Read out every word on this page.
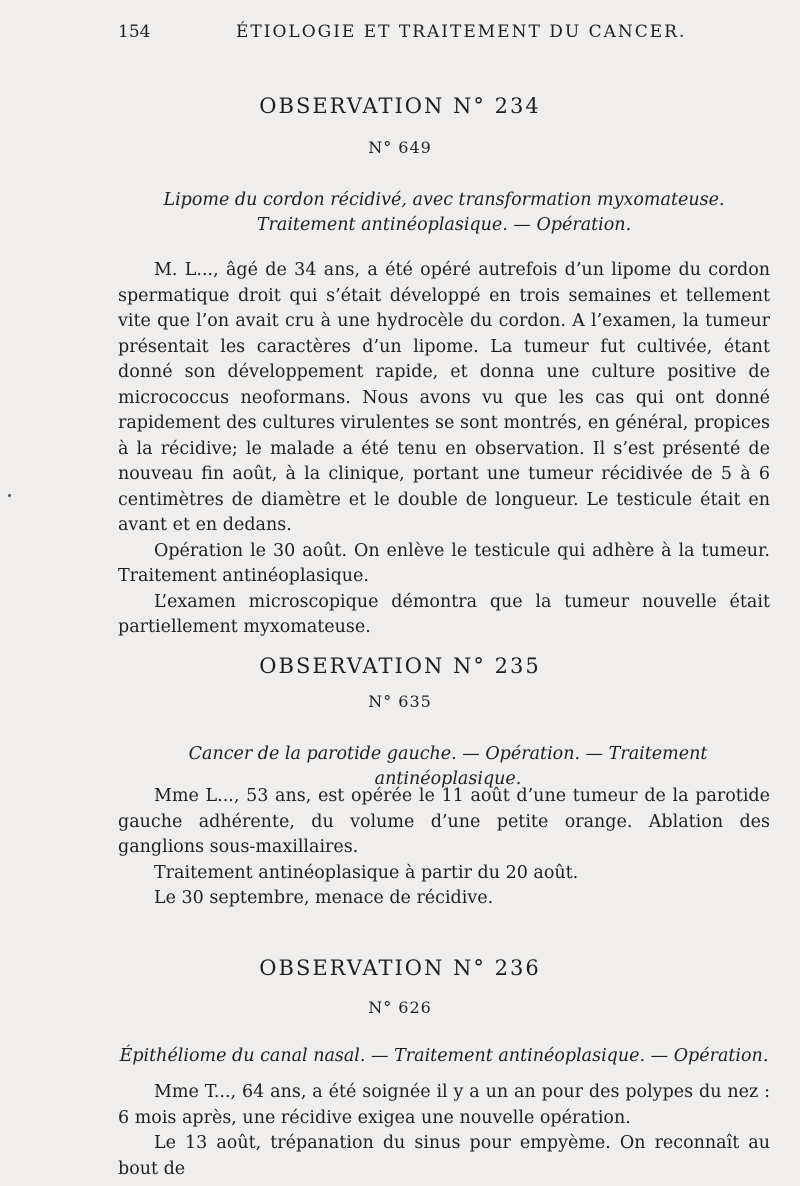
154	ÉTIOLOGIE ET TRAITEMENT DU CANCER.
OBSERVATION N° 234
N° 649
Lipome du cordon récidivé, avec transformation myxomateuse.
Traitement antinéoplasique. — Opération.

M. L..., âgé de 34 ans, a été opéré autrefois d’un lipome du cordon spermatique droit qui s’était développé en trois semaines et tellement vite que l’on avait cru à une hydrocèle du cordon. A l’examen, la tumeur présentait les caractères d’un lipome. La tumeur fut cultivée, étant donné son développement rapide, et donna une culture positive de micrococcus neoformans. Nous avons vu que les cas qui ont donné rapidement des cultures virulentes se sont montrés, en général, propices à la récidive; le malade a été tenu en observation. Il s’est présenté de nouveau fin août, à la clinique, portant une tumeur récidivée de 5 à 6 centimètres de diamètre et le double de longueur. Le testicule était en avant et en dedans.

Opération le 30 août. On enlève le testicule qui adhère à la tumeur. Traitement antinéoplasique.

L’examen microscopique démontra que la tumeur nouvelle était partiellement myxomateuse.

OBSERVATION N° 235
N° 635
Cancer de la parotide gauche. — Opération. — Traitement antinéoplasique.

Mme L..., 53 ans, est opérée le 11 août d’une tumeur de la parotide gauche adhérente, du volume d’une petite orange. Ablation des ganglions sous-maxillaires.

Traitement antinéoplasique à partir du 20 août.

Le 30 septembre, menace de récidive.

OBSERVATION N° 236
N° 626
Épithéliome du canal nasal. — Traitement antinéoplasique. — Opération.

Mme T..., 64 ans, a été soignée il y a un an pour des polypes du nez : 6 mois après, une récidive exigea une nouvelle opération.

Le 13 août, trépanation du sinus pour empyème. On reconnaît au bout de
